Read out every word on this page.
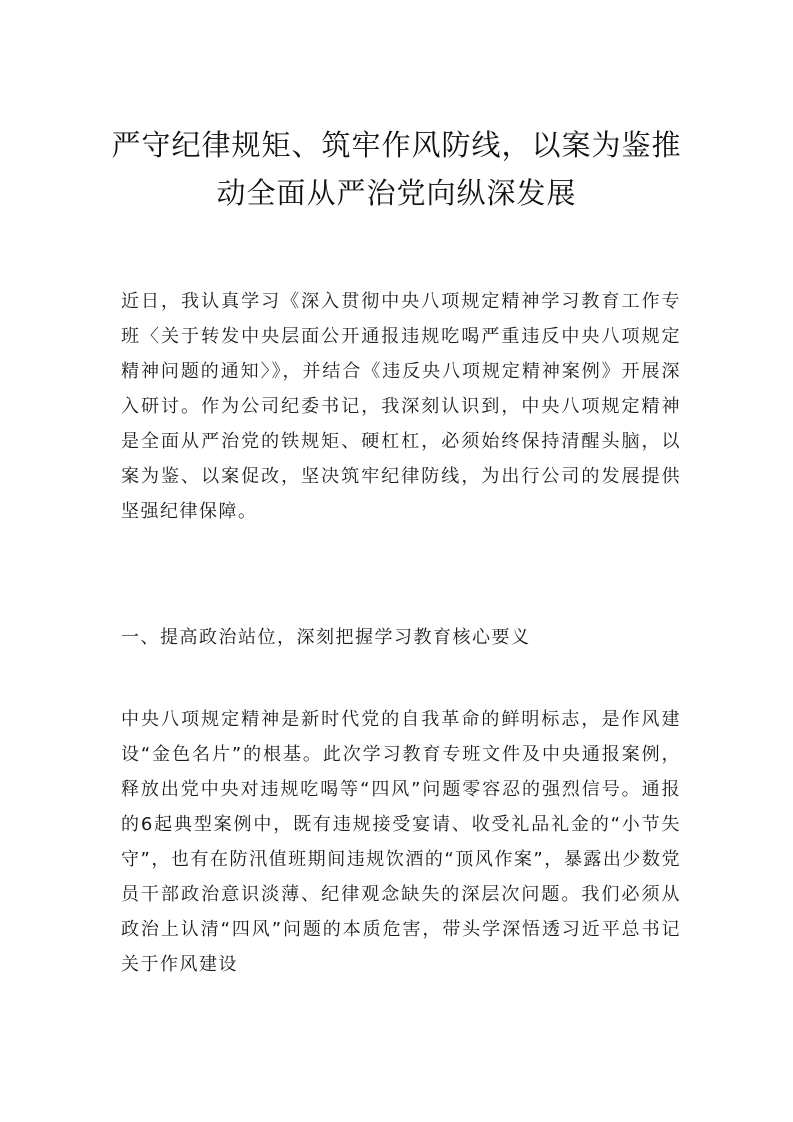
严守纪律规矩、筑牢作风防线，以案为鉴推动全面从严治党向纵深发展

近日，我认真学习《深入贯彻中央八项规定精神学习教育工作专班〈关于转发中央层面公开通报违规吃喝严重违反中央八项规定精神问题的通知〉》，并结合《违反央八项规定精神案例》开展深入研讨。作为公司纪委书记，我深刻认识到，中央八项规定精神是全面从严治党的铁规矩、硬杠杠，必须始终保持清醒头脑，以案为鉴、以案促改，坚决筑牢纪律防线，为出行公司的发展提供坚强纪律保障。

一、提高政治站位，深刻把握学习教育核心要义

中央八项规定精神是新时代党的自我革命的鲜明标志，是作风建设“金色名片”的根基。此次学习教育专班文件及中央通报案例，释放出党中央对违规吃喝等“四风”问题零容忍的强烈信号。通报的6起典型案例中，既有违规接受宴请、收受礼品礼金的“小节失守”，也有在防汛值班期间违规饮酒的“顶风作案”，暴露出少数党员干部政治意识淡薄、纪律观念缺失的深层次问题。我们必须从政治上认清“四风”问题的本质危害，带头学深悟透习近平总书记关于作风建设
